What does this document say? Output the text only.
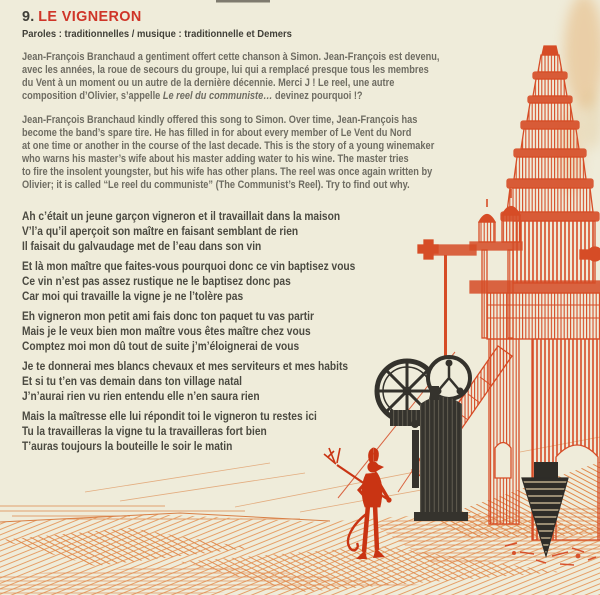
9. LE VIGNERON
Paroles : traditionnelles / musique : traditionnelle et Demers
Jean-François Branchaud a gentiment offert cette chanson à Simon. Jean-François est devenu,
avec les années, la roue de secours du groupe, lui qui a remplacé presque tous les membres
du Vent à un moment ou un autre de la dernière décennie. Merci J ! Le reel, une autre
composition d’Olivier, s’appelle Le reel du communiste… devinez pourquoi !?
Jean-François Branchaud kindly offered this song to Simon. Over time, Jean-François has
become the band’s spare tire. He has filled in for about every member of Le Vent du Nord
at one time or another in the course of the last decade. This is the story of a young winemaker
who warns his master’s wife about his master adding water to his wine. The master tries
to fire the insolent youngster, but his wife has other plans. The reel was once again written by
Olivier; it is called “Le reel du communiste” (The Communist’s Reel). Try to find out why.
Ah c’était un jeune garçon vigneron et il travaillait dans la maison
V’l’a qu’il aperçoit son maître en faisant semblant de rien
Il faisait du galvaudage met de l’eau dans son vin
Et là mon maître que faites-vous pourquoi donc ce vin baptisez vous
Ce vin n’est pas assez rustique ne le baptisez donc pas
Car moi qui travaille la vigne je ne l’tolère pas
Eh vigneron mon petit ami fais donc ton paquet tu vas partir
Mais je le veux bien mon maître vous êtes maître chez vous
Comptez moi mon dû tout de suite j’m’éloignerai de vous
Je te donnerai mes blancs chevaux et mes serviteurs et mes habits
Et si tu t’en vas demain dans ton village natal
J’n’aurai rien vu rien entendu elle n’en saura rien
Mais la maîtresse elle lui répondit toi le vigneron tu restes ici
Tu la travailleras la vigne tu la travailleras fort bien
T’auras toujours la bouteille le soir le matin
